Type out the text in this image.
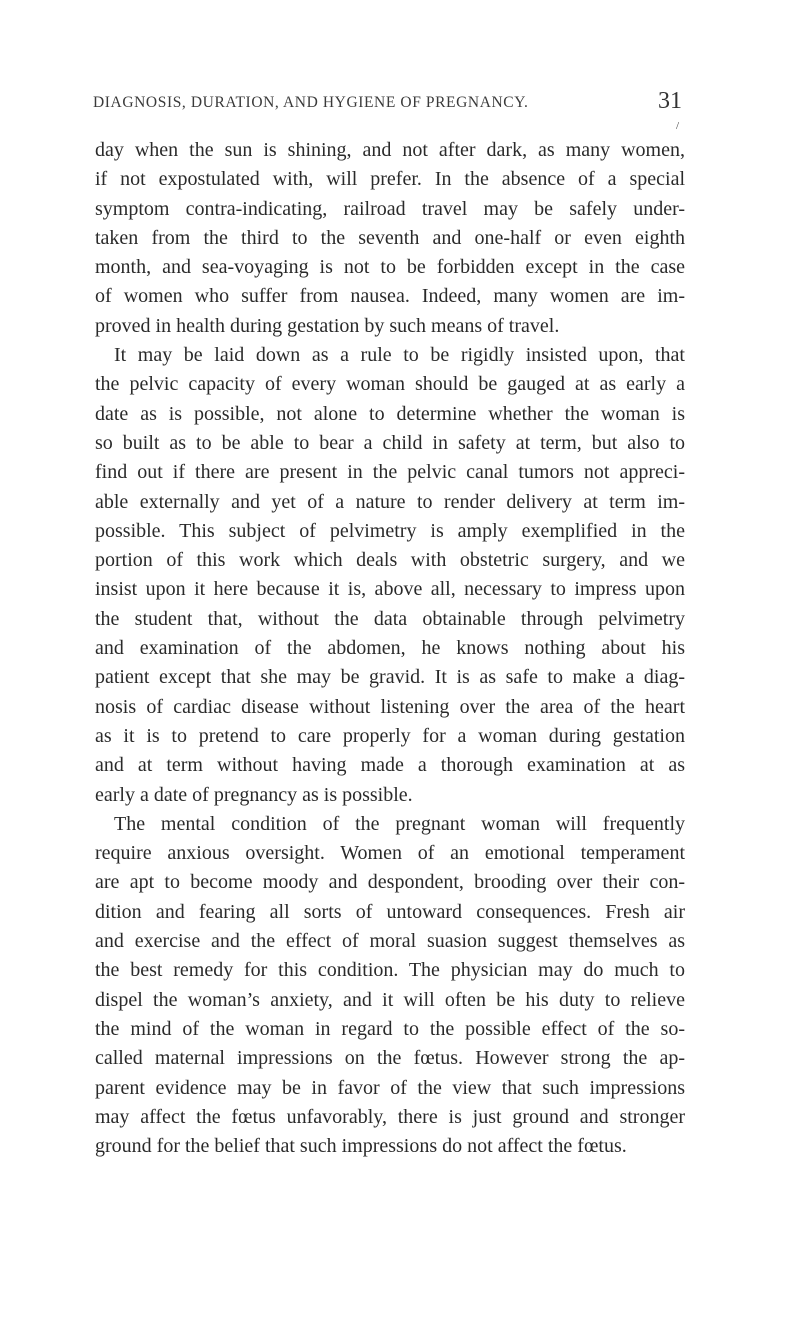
DIAGNOSIS, DURATION, AND HYGIENE OF PREGNANCY.	31
/
day when the sun is shining, and not after dark, as many women,
if not expostulated with, will prefer. In the absence of a special
symptom contra-indicating, railroad travel may be safely under-
taken from the third to the seventh and one-half or even eighth
month, and sea-voyaging is not to be forbidden except in the case
of women who suffer from nausea. Indeed, many women are im-
proved in health during gestation by such means of travel.
It may be laid down as a rule to be rigidly insisted upon, that
the pelvic capacity of every woman should be gauged at as early a
date as is possible, not alone to determine whether the woman is
so built as to be able to bear a child in safety at term, but also to
find out if there are present in the pelvic canal tumors not appreci-
able externally and yet of a nature to render delivery at term im-
possible. This subject of pelvimetry is amply exemplified in the
portion of this work which deals with obstetric surgery, and we
insist upon it here because it is, above all, necessary to impress upon
the student that, without the data obtainable through pelvimetry
and examination of the abdomen, he knows nothing about his
patient except that she may be gravid. It is as safe to make a diag-
nosis of cardiac disease without listening over the area of the heart
as it is to pretend to care properly for a woman during gestation
and at term without having made a thorough examination at as
early a date of pregnancy as is possible.
The mental condition of the pregnant woman will frequently
require anxious oversight. Women of an emotional temperament
are apt to become moody and despondent, brooding over their con-
dition and fearing all sorts of untoward consequences. Fresh air
and exercise and the effect of moral suasion suggest themselves as
the best remedy for this condition. The physician may do much to
dispel the woman’s anxiety, and it will often be his duty to relieve
the mind of the woman in regard to the possible effect of the so-
called maternal impressions on the fœtus. However strong the ap-
parent evidence may be in favor of the view that such impressions
may affect the fœtus unfavorably, there is just ground and stronger
ground for the belief that such impressions do not affect the fœtus.
